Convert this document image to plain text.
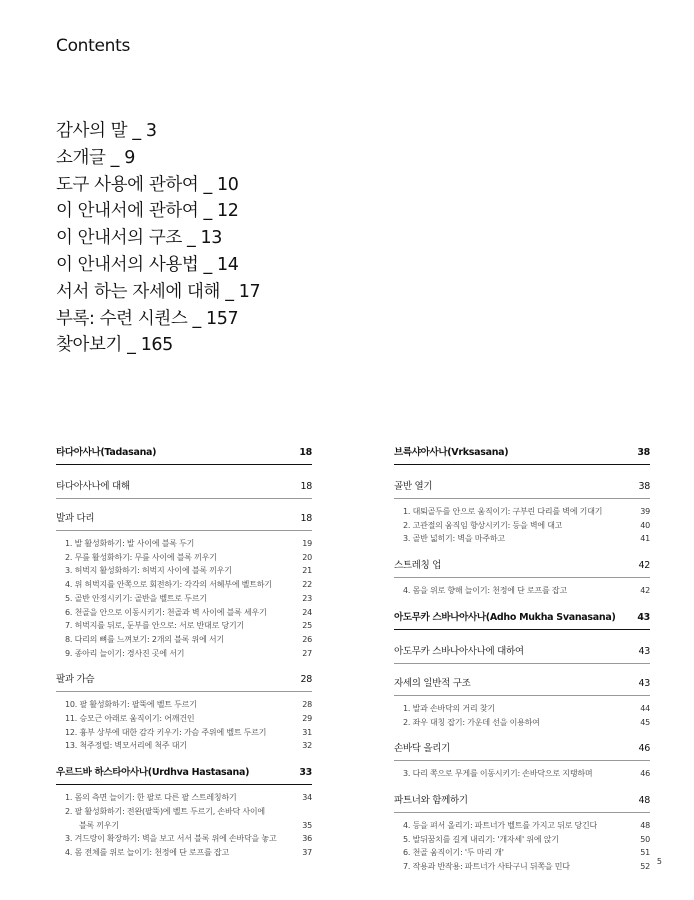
Contents
감사의 말 _ 3
소개글 _ 9
도구 사용에 관하여 _ 10
이 안내서에 관하여 _ 12
이 안내서의 구조 _ 13
이 안내서의 사용법 _ 14
서서 하는 자세에 대해 _ 17
부록: 수련 시퀀스 _ 157
찾아보기 _ 165
타다아사나(Tadasana)	18
타다아사나에 대해	18
발과 다리	18
1. 발 활성화하기: 발 사이에 블록 두기	19
2. 무릎 활성화하기: 무릎 사이에 블록 끼우기	20
3. 허벅지 활성화하기: 허벅지 사이에 블록 끼우기	21
4. 위 허벅지를 안쪽으로 회전하기: 각각의 서혜부에 벨트하기	22
5. 골반 안정시키기: 골반을 벨트로 두르기	23
6. 천골을 안으로 이동시키기: 천골과 벽 사이에 블록 세우기	24
7. 허벅지를 뒤로, 둔부를 안으로: 서로 반대로 당기기	25
8. 다리의 뼈를 느껴보기: 2개의 블록 위에 서기	26
9. 종아리 늘이기: 경사진 곳에 서기	27
팔과 가슴	28
10. 팔 활성화하기: 팔뚝에 벨트 두르기	28
11. 승모근 아래로 움직이기: 어깨건인	29
12. 흉부 상부에 대한 감각 키우기: 가슴 주위에 벨트 두르기	31
13. 척주정렬: 벽모서리에 척주 대기	32
우르드바 하스타아사나(Urdhva Hastasana)	33
1. 몸의 측면 늘이기: 한 팔로 다른 팔 스트레칭하기	34
2. 팔 활성화하기: 전완(팔뚝)에 벨트 두르기, 손바닥 사이에
블록 끼우기	35
3. 겨드랑이 확장하기: 벽을 보고 서서 블록 위에 손바닥을 놓고	36
4. 몸 전체를 위로 늘이기: 천정에 단 로프를 잡고	37
브륵샤아사나(Vrksasana)	38
골반 열기	38
1. 대퇴골두를 안으로 움직이기: 구부린 다리를 벽에 기대기	39
2. 고관절의 움직임 향상시키기: 등을 벽에 대고	40
3. 골반 넓히기: 벽을 마주하고	41
스트레칭 업	42
4. 몸을 위로 향해 늘이기: 천정에 단 로프를 잡고	42
아도무카 스바나아사나(Adho Mukha Svanasana) 43
아도무카 스바나아사나에 대하여	43
자세의 일반적 구조	43
1. 발과 손바닥의 거리 찾기	44
2. 좌우 대칭 잡기: 가운데 선을 이용하여	45
손바닥 올리기	46
3. 다리 쪽으로 무게를 이동시키기: 손바닥으로 지탱하며	46
파트너와 함께하기	48
4. 등을 펴서 올리기: 파트너가 벨트를 가지고 뒤로 당긴다	48
5. 발뒤꿈치를 길게 내리기: '개자세' 위에 앉기	50
6. 천골 움직이기: '두 마리 개'	51
7. 작용과 반작용: 파트너가 사타구니 뒤쪽을 민다	52
5
